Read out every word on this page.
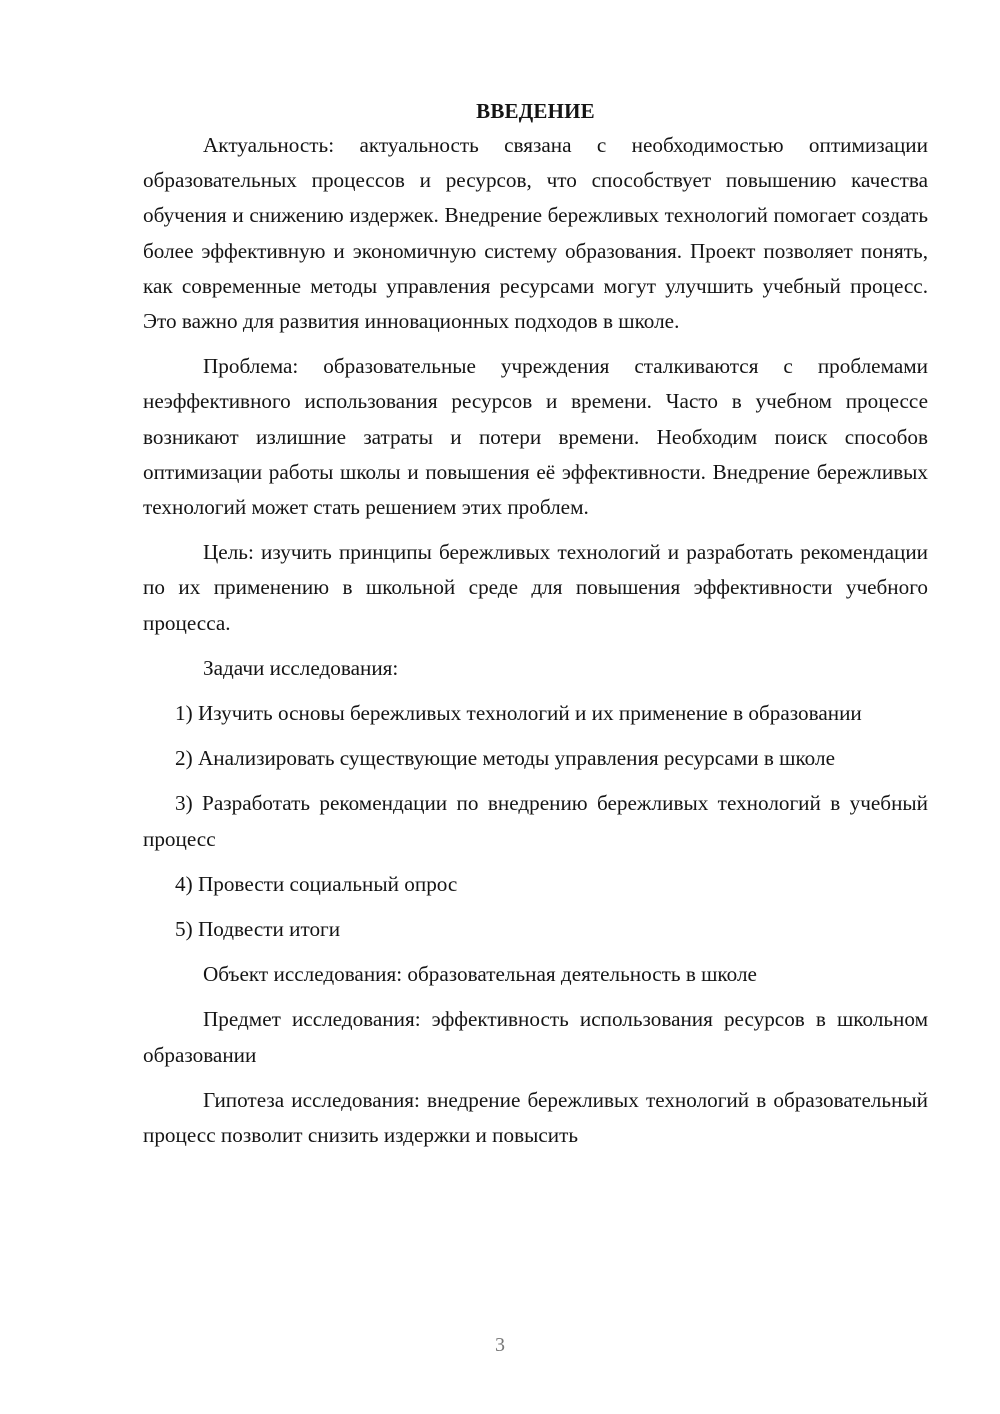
ВВЕДЕНИЕ

Актуальность: актуальность связана с необходимостью оптимизации образовательных процессов и ресурсов, что способствует повышению качества обучения и снижению издержек. Внедрение бережливых технологий помогает создать более эффективную и экономичную систему образования. Проект позволяет понять, как современные методы управления ресурсами могут улучшить учебный процесс. Это важно для развития инновационных подходов в школе.

Проблема: образовательные учреждения сталкиваются с проблемами неэффективного использования ресурсов и времени. Часто в учебном процессе возникают излишние затраты и потери времени. Необходим поиск способов оптимизации работы школы и повышения её эффективности. Внедрение бережливых технологий может стать решением этих проблем.

Цель: изучить принципы бережливых технологий и разработать рекомендации по их применению в школьной среде для повышения эффективности учебного процесса.

Задачи исследования:

1) Изучить основы бережливых технологий и их применение в образовании

2) Анализировать существующие методы управления ресурсами в школе

3) Разработать рекомендации по внедрению бережливых технологий в учебный процесс

4) Провести социальный опрос

5) Подвести итоги

Объект исследования: образовательная деятельность в школе

Предмет исследования: эффективность использования ресурсов в школьном образовании

Гипотеза исследования: внедрение бережливых технологий в образовательный процесс позволит снизить издержки и повысить

3
